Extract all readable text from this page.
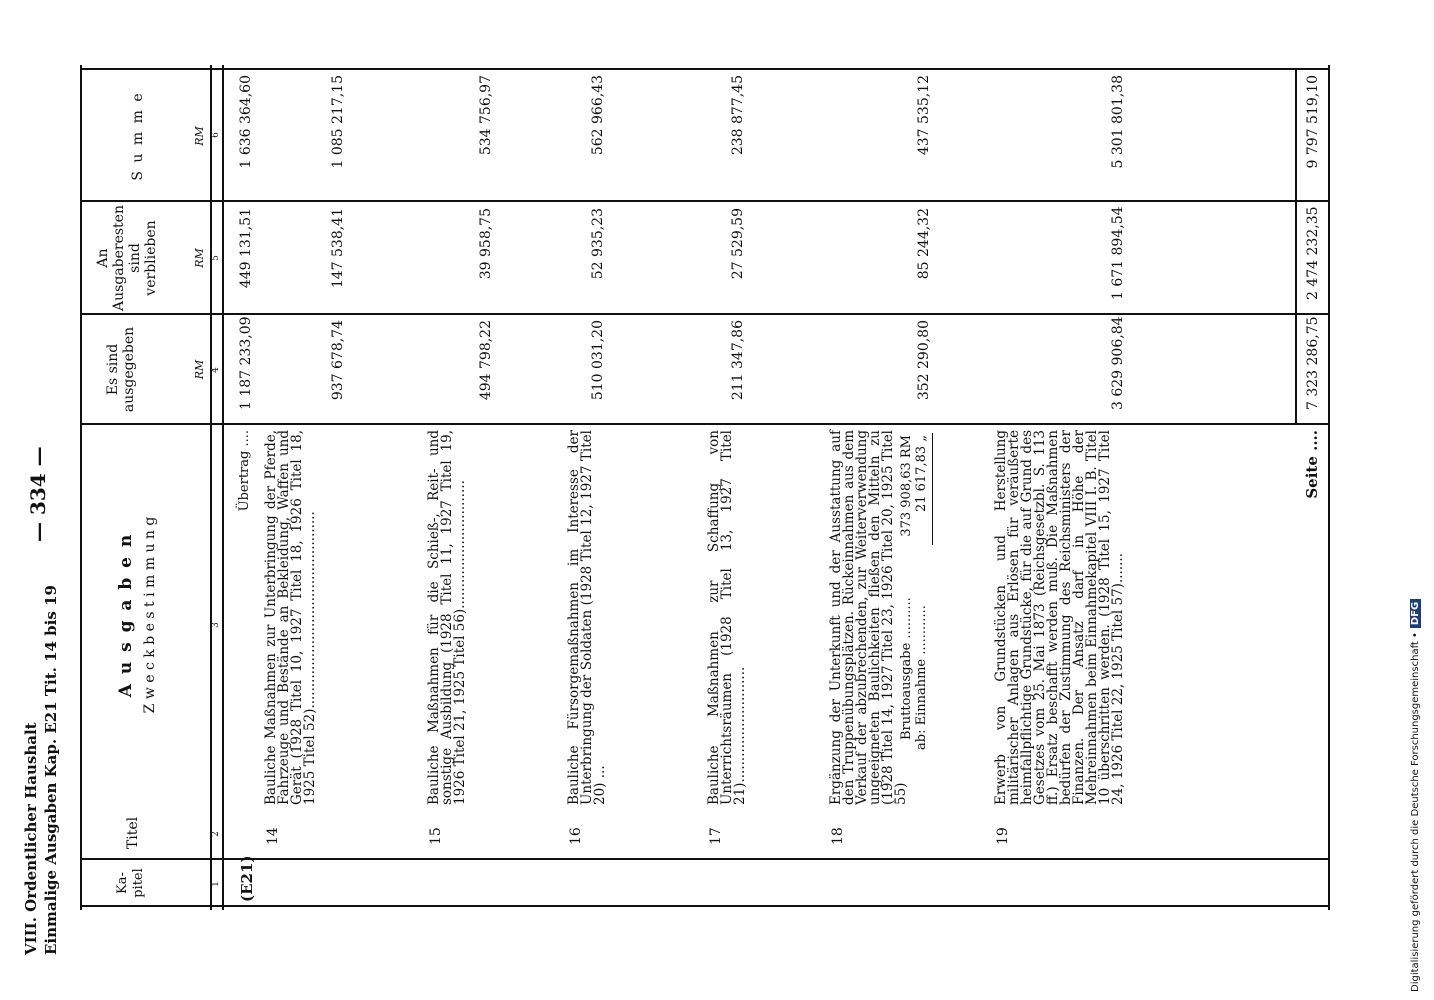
VIII. Ordentlicher Haushalt Einmalige Ausgaben Kap. E21 Tit. 14 bis 19
— 334 —
Ka-pitel
Titel
A u s g a b e n Z w e c k b e s t i m m u n g
Es sind ausgegeben
An Ausgaberesten sind verblieben
S u m m e
RM
RM
RM
1
2
3
4
5
6
(E21)
Übertrag ....
1 187 233,09
449 131,51
1 636 364,60
14
Bauliche Maßnahmen zur Unterbringung der Pferde, Fahrzeuge und Bestände an Bekleidung, Waffen und Gerät (1928 Titel 10, 1927 Titel 18, 1926 Titel 18, 1925 Titel 52)..............................................
937 678,74
147 538,41
1 085 217,15
15
Bauliche Maßnahmen für die Schieß-, Reit- und sonstige Ausbildung (1928 Titel 11, 1927 Titel 19, 1926 Titel 21, 1925 Titel 56)..............................
494 798,22
39 958,75
534 756,97
16
Bauliche Fürsorgemaßnahmen im Interesse der Unterbringung der Soldaten (1928 Titel 12, 1927 Titel 20) ...
510 031,20
52 935,23
562 966,43
17
Bauliche Maßnahmen zur Schaffung von Unterrichtsräumen (1928 Titel 13, 1927 Titel 21)...........................
211 347,86
27 529,59
238 877,45
18
Ergänzung der Unterkunft und der Ausstattung auf den Truppenübungsplätzen. Rückeinnahmen aus dem Verkauf der abzubrechenden, zur Weiterverwendung ungeeigneten Baulichkeiten fließen den Mitteln zu (1928 Titel 14, 1927 Titel 23, 1926 Titel 20, 1925 Titel 55)
Bruttoausgabe ..........
373 908,63 RM
ab: Einnahme ............
21 617,83 „
352 290,80
85 244,32
437 535,12
19
Erwerb von Grundstücken und Herstellung militärischer Anlagen aus Erlösen für veräußerte heimfallpflichtige Grundstücke, für die auf Grund des Gesetzes vom 25. Mai 1873 (Reichsgesetzbl. S. 113 ff.) Ersatz beschafft werden muß. Die Maßnahmen bedürfen der Zustimmung des Reichsministers der Finanzen. Der Ansatz darf in Höhe der Mehreinnahmen beim Einnahmekapitel VIII I. B. Titel 10 überschritten werden. (1928 Titel 15, 1927 Titel 24, 1926 Titel 22, 1925 Titel 57).......
3 629 906,84
1 671 894,54
5 301 801,38
Seite ....
7 323 286,75
2 474 232,35
9 797 519,10
Digitalisierung gefördert durch die Deutsche Forschungsgemeinschaft •DFG
